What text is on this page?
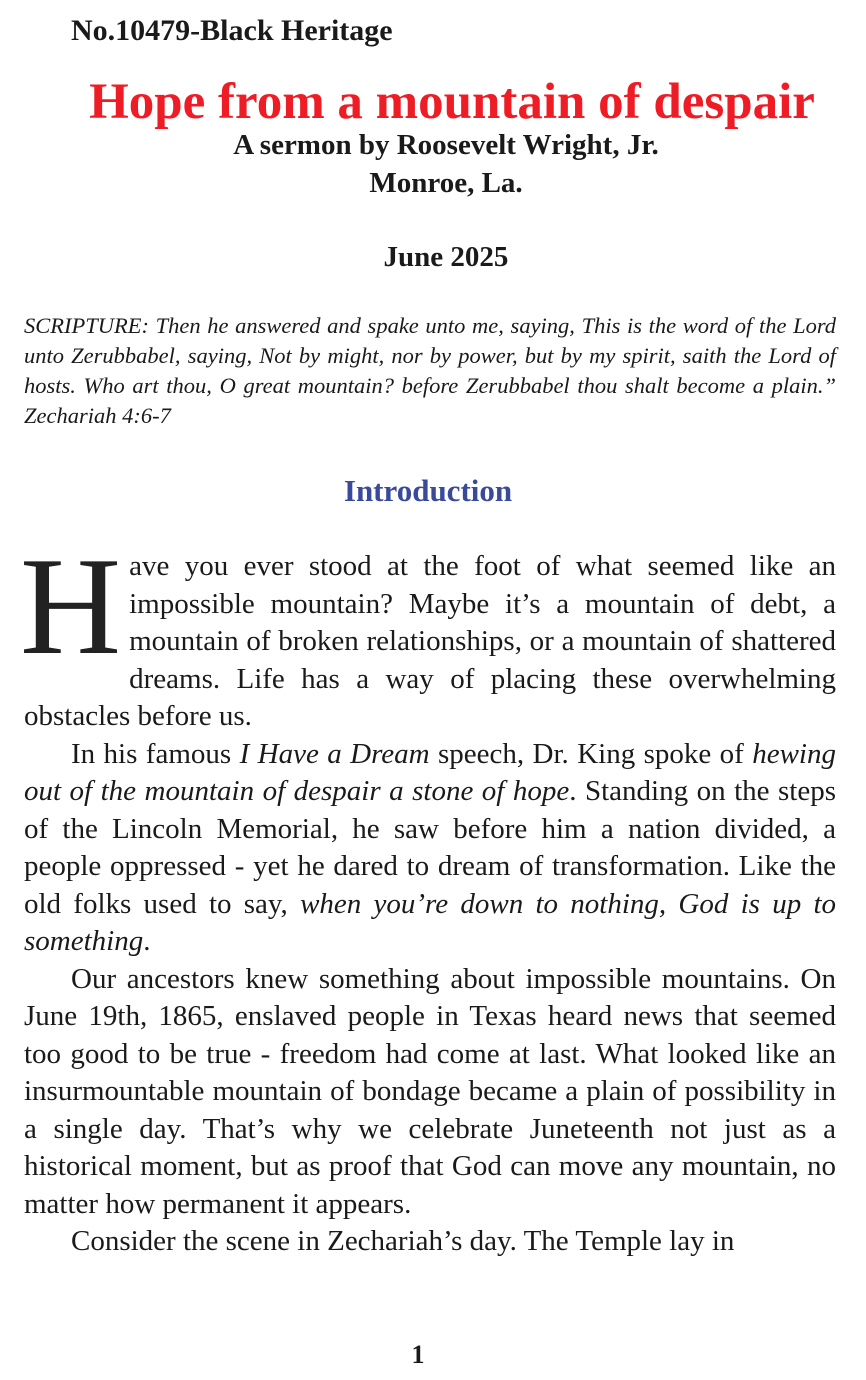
No.10479-Black Heritage
Hope from a mountain of despair
A sermon by Roosevelt Wright, Jr.
Monroe, La.
June 2025
SCRIPTURE: Then he answered and spake unto me, saying, This is the word of the Lord unto Zerubbabel, saying, Not by might, nor by power, but by my spirit, saith the Lord of hosts. Who art thou, O great mountain? before Zerubbabel thou shalt become a plain.” Zechariah 4:6-7
Introduction

Have you ever stood at the foot of what seemed like an impossible mountain? Maybe it’s a mountain of debt, a mountain of broken relationships, or a mountain of shattered dreams. Life has a way of placing these overwhelming obstacles before us.

In his famous I Have a Dream speech, Dr. King spoke of hewing out of the mountain of despair a stone of hope. Standing on the steps of the Lincoln Memorial, he saw before him a nation divided, a people oppressed - yet he dared to dream of transformation. Like the old folks used to say, when you’re down to nothing, God is up to something.

Our ancestors knew something about impossible mountains. On June 19th, 1865, enslaved people in Texas heard news that seemed too good to be true - freedom had come at last. What looked like an insurmountable mountain of bondage became a plain of possibility in a single day. That’s why we celebrate Juneteenth not just as a historical moment, but as proof that God can move any mountain, no matter how permanent it appears.

Consider the scene in Zechariah’s day. The Temple lay in

1
